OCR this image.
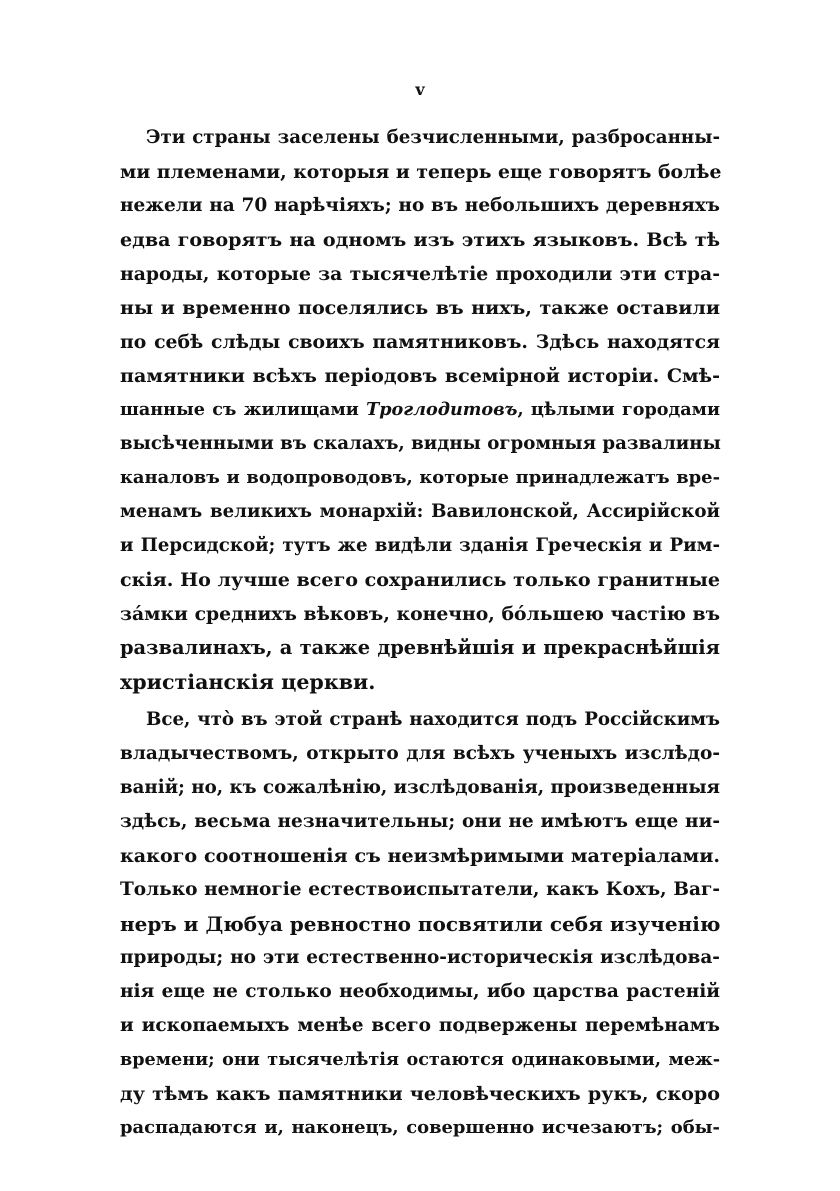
v
Эти страны заселены безчисленными, разбросанны-
ми племенами, которыя и теперь еще говорятъ болѣе
нежели на 70 нарѣчіяхъ; но въ небольшихъ деревняхъ
едва говорятъ на одномъ изъ этихъ языковъ. Всѣ тѣ
народы, которые за тысячелѣтіе проходили эти стра-
ны и временно поселялись въ нихъ, также оставили
по себѣ слѣды своихъ памятниковъ. Здѣсь находятся
памятники всѣхъ періодовъ всемірной исторіи. Смѣ-
шанные съ жилищами Троглодитовъ, цѣлыми городами
высѣченными въ скалахъ, видны огромныя развалины
каналовъ и водопроводовъ, которые принадлежатъ вре-
менамъ великихъ монархій: Вавилонской, Ассирійской
и Персидской; тутъ же видѣли зданія Греческія и Рим-
скія. Но лучше всего сохранились только гранитные
зáмки среднихъ вѣковъ, конечно, бóльшею частію въ
развалинахъ, а также древнѣйшія и прекраснѣйшія
христіанскія церкви.
Все, чтò въ этой странѣ находится подъ Россійскимъ
владычествомъ, открыто для всѣхъ ученыхъ изслѣдо-
ваній; но, къ сожалѣнію, изслѣдованія, произведенныя
здѣсь, весьма незначительны; они не имѣютъ еще ни-
какого соотношенія съ неизмѣримыми матеріалами.
Только немногіе естествоиспытатели, какъ Кохъ, Ваг-
неръ и Дюбуа ревностно посвятили себя изученію
природы; но эти естественно-историческія изслѣдова-
нія еще не столько необходимы, ибо царства растеній
и ископаемыхъ менѣе всего подвержены перемѣнамъ
времени; они тысячелѣтія остаются одинаковыми, меж-
ду тѣмъ какъ памятники человѣческихъ рукъ, скоро
распадаются и, наконецъ, совершенно исчезаютъ; обы-
